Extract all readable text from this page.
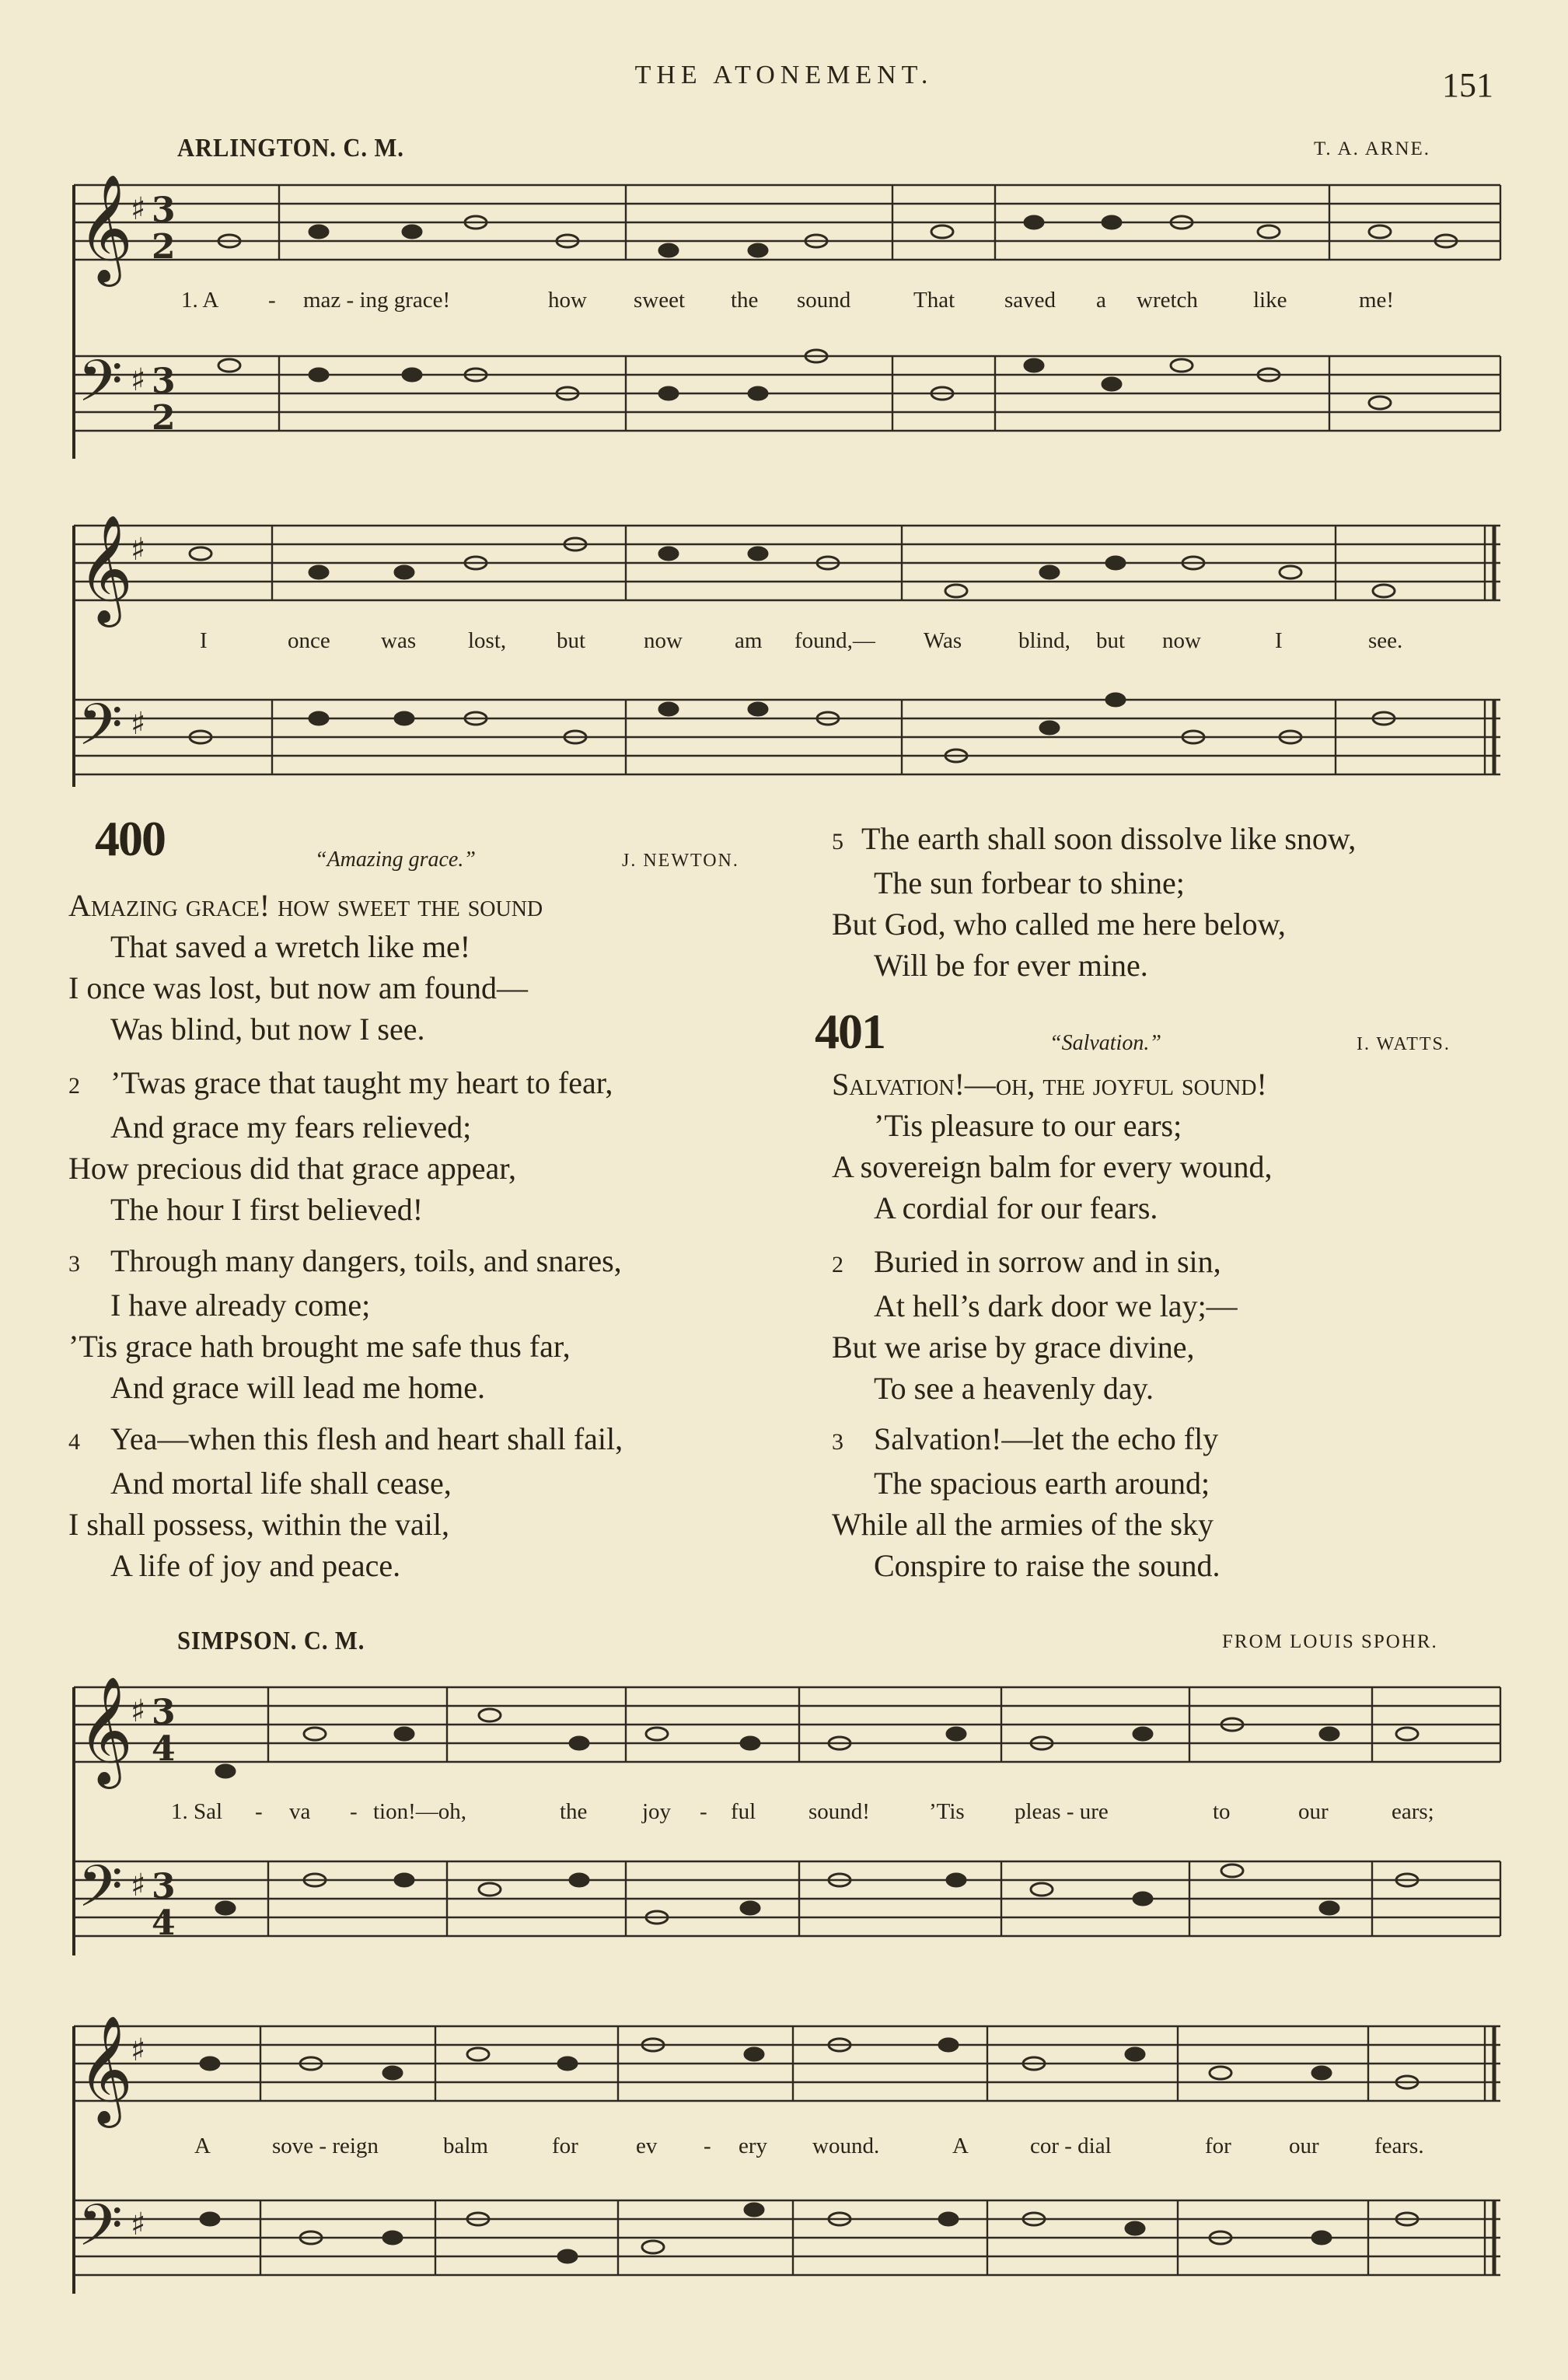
THE ATONEMENT.	151
ARLINGTON. C. M.	T. A. ARNE.
𝄞
𝄢
𝄞
𝄢
♯
♯
♯
♯
3
2
3
2
1. A - maz - ing grace!	how sweet the sound	That saved a wretch like	me!
I	once was lost, but	now am found,— Was	blind, but now	I	see.
400	“Amazing grace.”	J. NEWTON.
Amazing grace! how sweet the sound
That saved a wretch like me!
I once was lost, but now am found—
Was blind, but now I see.
2 ’Twas grace that taught my heart to fear,
And grace my fears relieved;
How precious did that grace appear,
The hour I first believed!
3 Through many dangers, toils, and snares,
I have already come;
’Tis grace hath brought me safe thus far,
And grace will lead me home.
4 Yea—when this flesh and heart shall fail,
And mortal life shall cease,
I shall possess, within the vail,
A life of joy and peace.
5 The earth shall soon dissolve like snow,
The sun forbear to shine;
But God, who called me here below,
Will be for ever mine.
401	“Salvation.”	I. WATTS.
Salvation!—oh, the joyful sound!
’Tis pleasure to our ears;
A sovereign balm for every wound,
A cordial for our fears.
2 Buried in sorrow and in sin,
At hell’s dark door we lay;—
But we arise by grace divine,
To see a heavenly day.
3 Salvation!—let the echo fly
The spacious earth around;
While all the armies of the sky
Conspire to raise the sound.
SIMPSON. C. M.	FROM LOUIS SPOHR.
𝄞
𝄢
𝄞
𝄢
♯
♯
♯
♯
3
4
3
4
1. Sal - va - tion!—oh,	the joy - ful sound!	’Tis pleas - ure	to	our	ears;
A	sove - reign	balm	for	ev - ery wound.	A	cor - dial	for	our fears.
